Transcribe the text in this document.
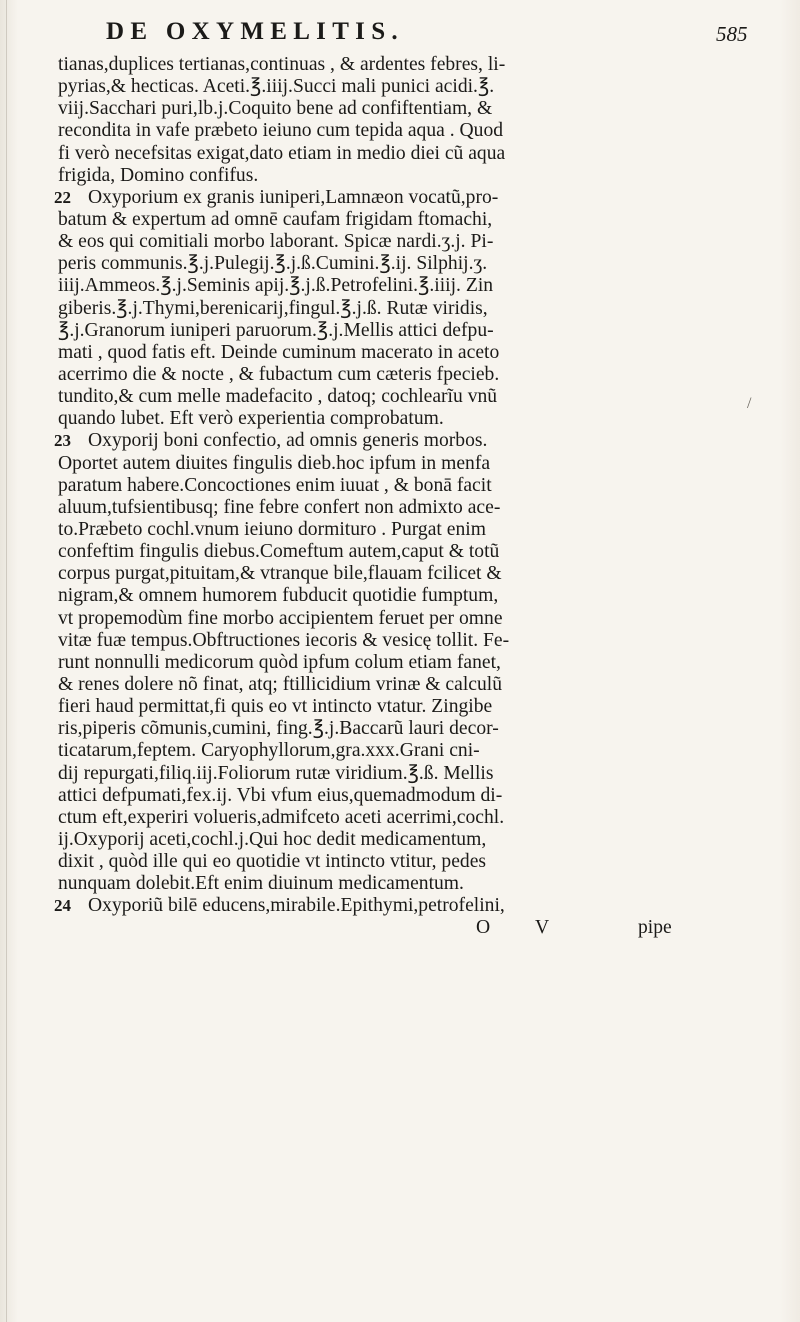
DE OXYMELITIS.	585
tianas,duplices tertianas,continuas , & ardentes febres, li-
pyrias,& hecticas. Aceti.℥.iiij.Succi mali punici acidi.℥.
viij.Sacchari puri,lb.j.Coquito bene ad confiftentiam, &
recondita in vafe præbeto ieiuno cum tepida aqua . Quod
fi verò necefsitas exigat,dato etiam in medio diei cũ aqua
frigida, Domino confifus.
22 Oxyporium ex granis iuniperi,Lamnæon vocatũ,pro-
batum & expertum ad omnē caufam frigidam ftomachi,
& eos qui comitiali morbo laborant. Spicæ nardi.ʒ.j. Pi-
peris communis.℥.j.Pulegij.℥.j.ß.Cumini.℥.ij. Silphij.ʒ.
iiij.Ammeos.℥.j.Seminis apij.℥.j.ß.Petrofelini.℥.iiij. Zin
giberis.℥.j.Thymi,berenicarij,fingul.℥.j.ß. Rutæ viridis,
℥.j.Granorum iuniperi paruorum.℥.j.Mellis attici defpu-
mati , quod fatis eft. Deinde cuminum macerato in aceto
acerrimo die & nocte , & fubactum cum cæteris fpecieb.
tundito,& cum melle madefacito , datoq; cochlearĩu vnũ
quando lubet. Eft verò experientia comprobatum.
23 Oxyporij boni confectio, ad omnis generis morbos.
Oportet autem diuites fingulis dieb.hoc ipfum in menfa
paratum habere.Concoctiones enim iuuat , & bonā facit
aluum,tufsientibusq; fine febre confert non admixto ace-
to.Præbeto cochl.vnum ieiuno dormituro . Purgat enim
confeftim fingulis diebus.Comeftum autem,caput & totũ
corpus purgat,pituitam,& vtranque bile,flauam fcilicet &
nigram,& omnem humorem fubducit quotidie fumptum,
vt propemodùm fine morbo accipientem feruet per omne
vitæ fuæ tempus.Obftructiones iecoris & vesicę tollit. Fe-
runt nonnulli medicorum quòd ipfum colum etiam fanet,
& renes dolere nõ finat, atq; ftillicidium vrinæ & calculũ
fieri haud permittat,fi quis eo vt intincto vtatur. Zingibe
ris,piperis cõmunis,cumini, fing.℥.j.Baccarũ lauri decor-
ticatarum,feptem. Caryophyllorum,gra.xxx.Grani cni-
dij repurgati,filiq.iij.Foliorum rutæ viridium.℥.ß. Mellis
attici defpumati,fex.ij. Vbi vfum eius,quemadmodum di-
ctum eft,experiri volueris,admifceto aceti acerrimi,cochl.
ij.Oxyporij aceti,cochl.j.Qui hoc dedit medicamentum,
dixit , quòd ille qui eo quotidie vt intincto vtitur, pedes
nunquam dolebit.Eft enim diuinum medicamentum.
24 Oxyporiũ bilē educens,mirabile.Epithymi,petrofelini,
O V	pipe
/
